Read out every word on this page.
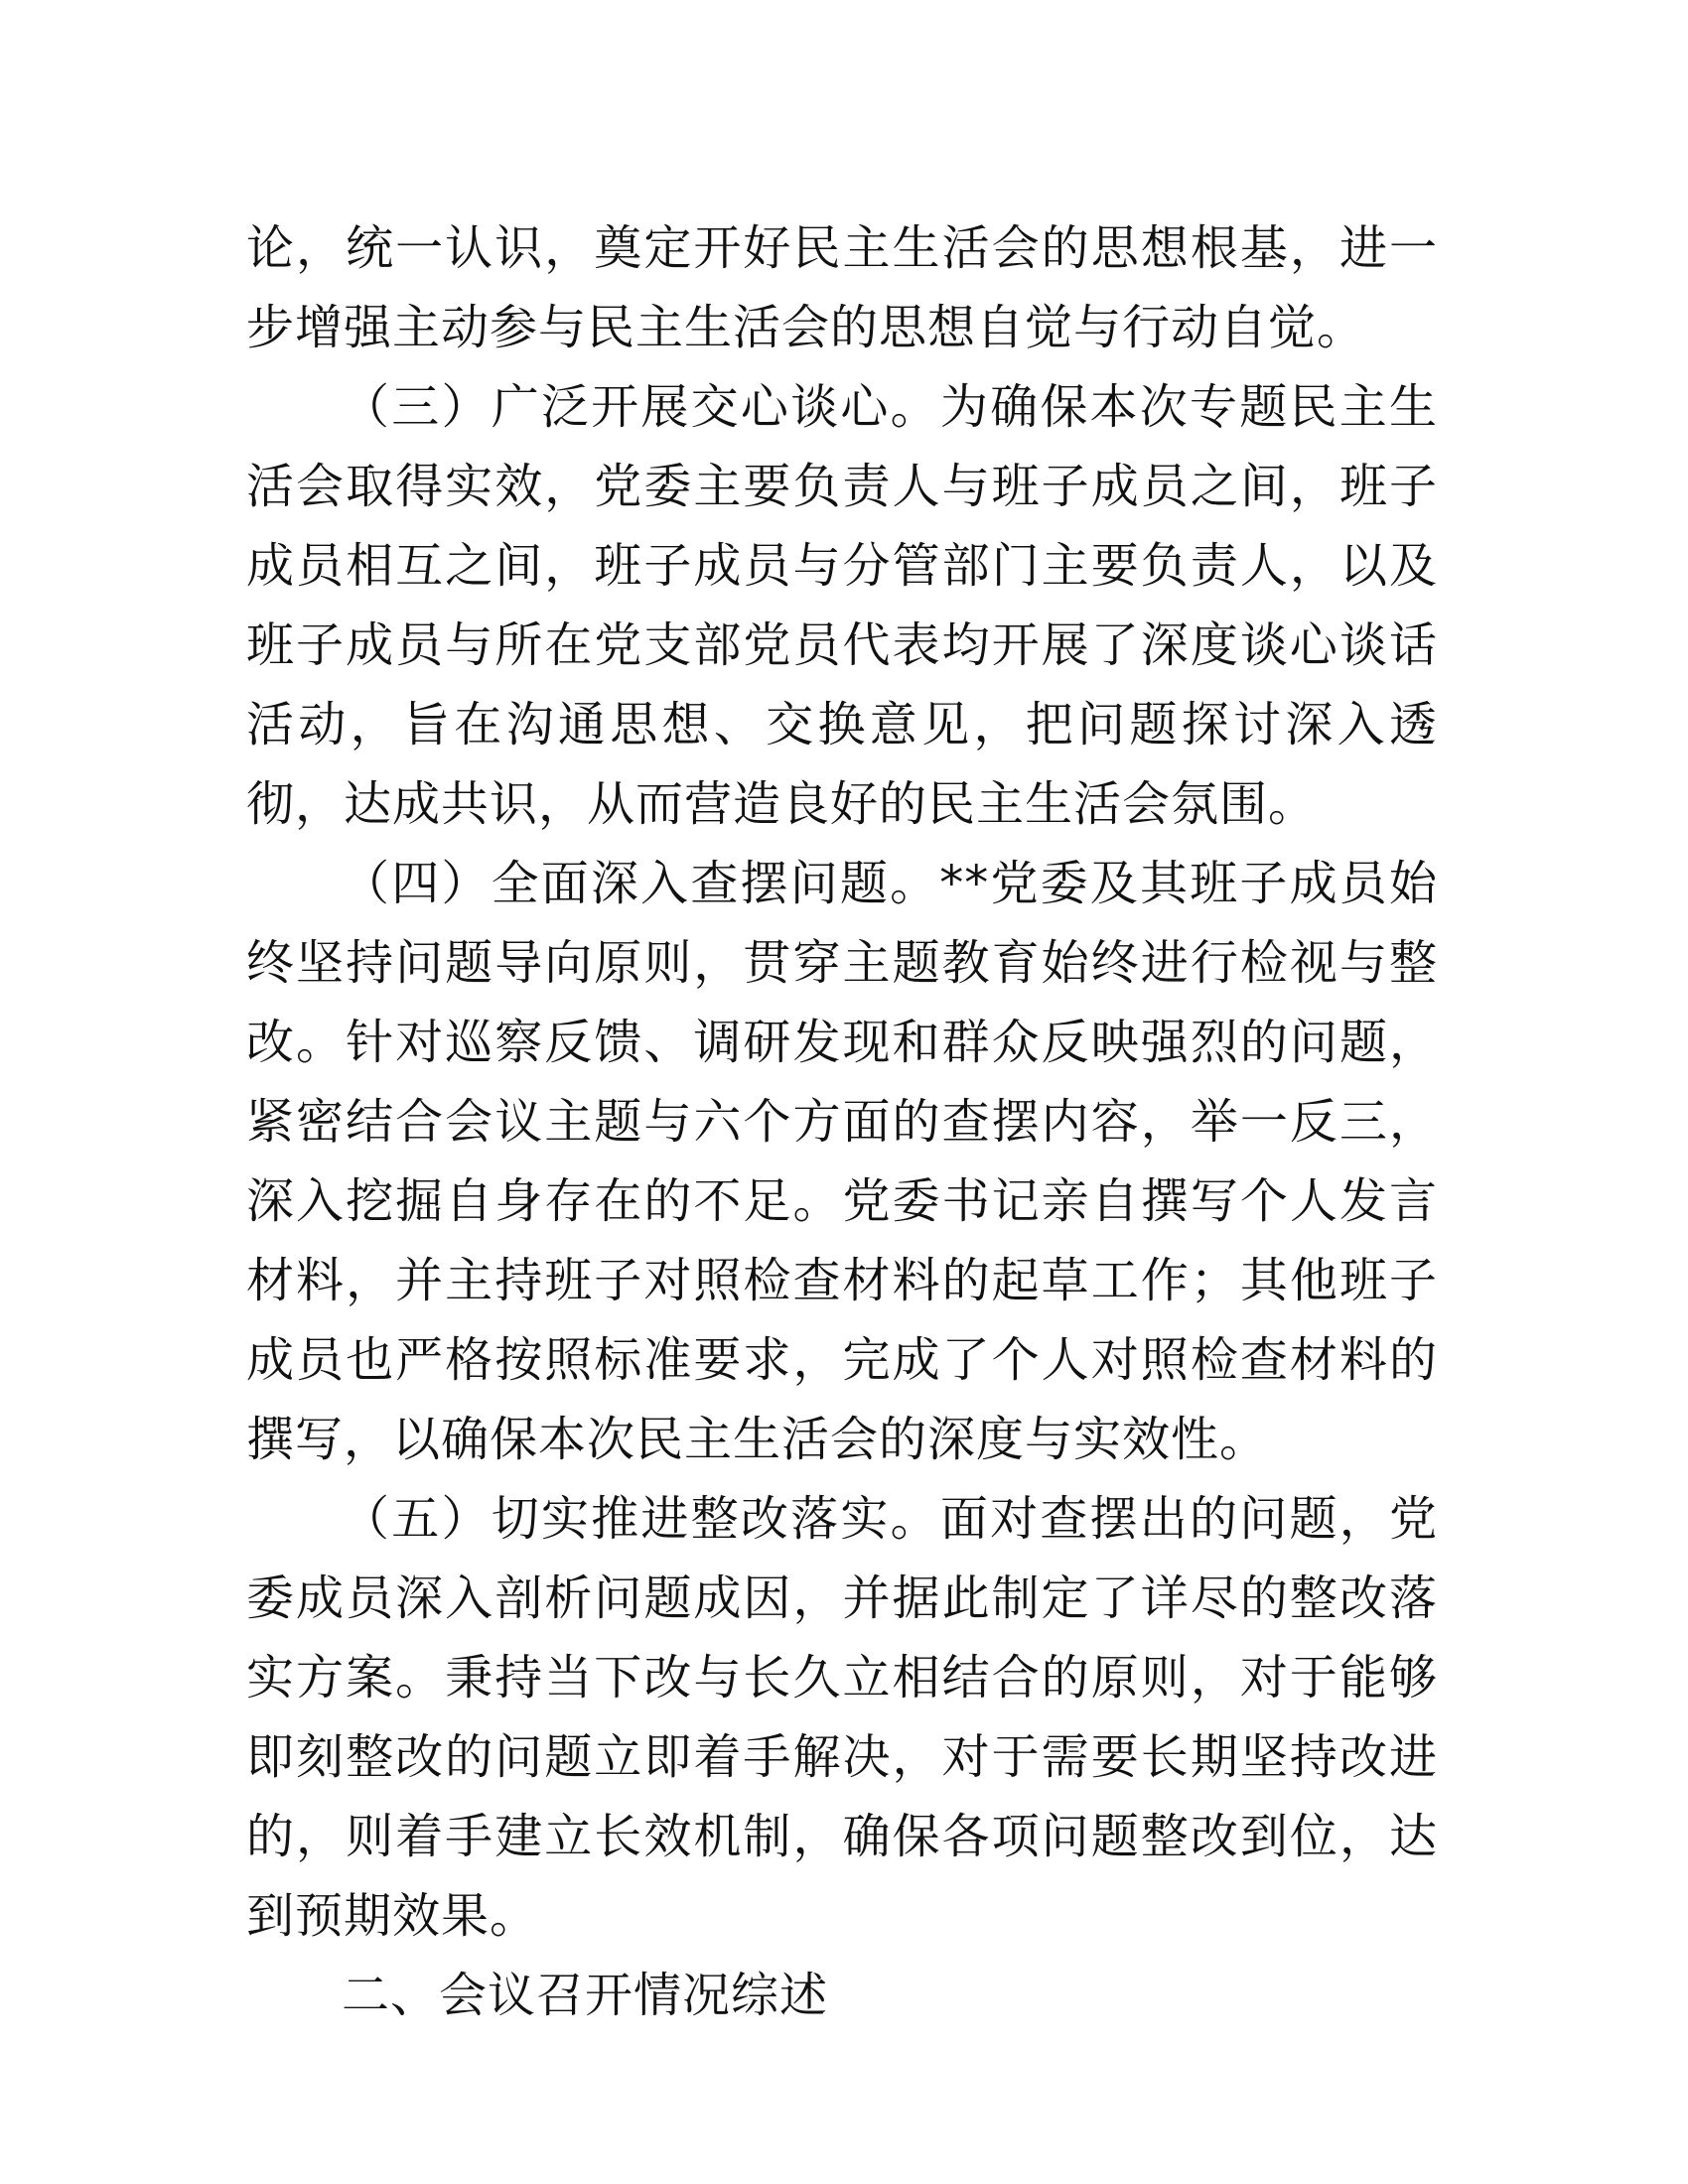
论，统一认识，奠定开好民主生活会的思想根基，进一步增强主动参与民主生活会的思想自觉与行动自觉。

（三）广泛开展交心谈心。为确保本次专题民主生活会取得实效，党委主要负责人与班子成员之间，班子成员相互之间，班子成员与分管部门主要负责人，以及班子成员与所在党支部党员代表均开展了深度谈心谈话活动，旨在沟通思想、交换意见，把问题探讨深入透彻，达成共识，从而营造良好的民主生活会氛围。

（四）全面深入查摆问题。**党委及其班子成员始终坚持问题导向原则，贯穿主题教育始终进行检视与整改。针对巡察反馈、调研发现和群众反映强烈的问题，紧密结合会议主题与六个方面的查摆内容，举一反三，深入挖掘自身存在的不足。党委书记亲自撰写个人发言材料，并主持班子对照检查材料的起草工作；其他班子成员也严格按照标准要求，完成了个人对照检查材料的撰写，以确保本次民主生活会的深度与实效性。

（五）切实推进整改落实。面对查摆出的问题，党委成员深入剖析问题成因，并据此制定了详尽的整改落实方案。秉持当下改与长久立相结合的原则，对于能够即刻整改的问题立即着手解决，对于需要长期坚持改进的，则着手建立长效机制，确保各项问题整改到位，达到预期效果。

二、会议召开情况综述
